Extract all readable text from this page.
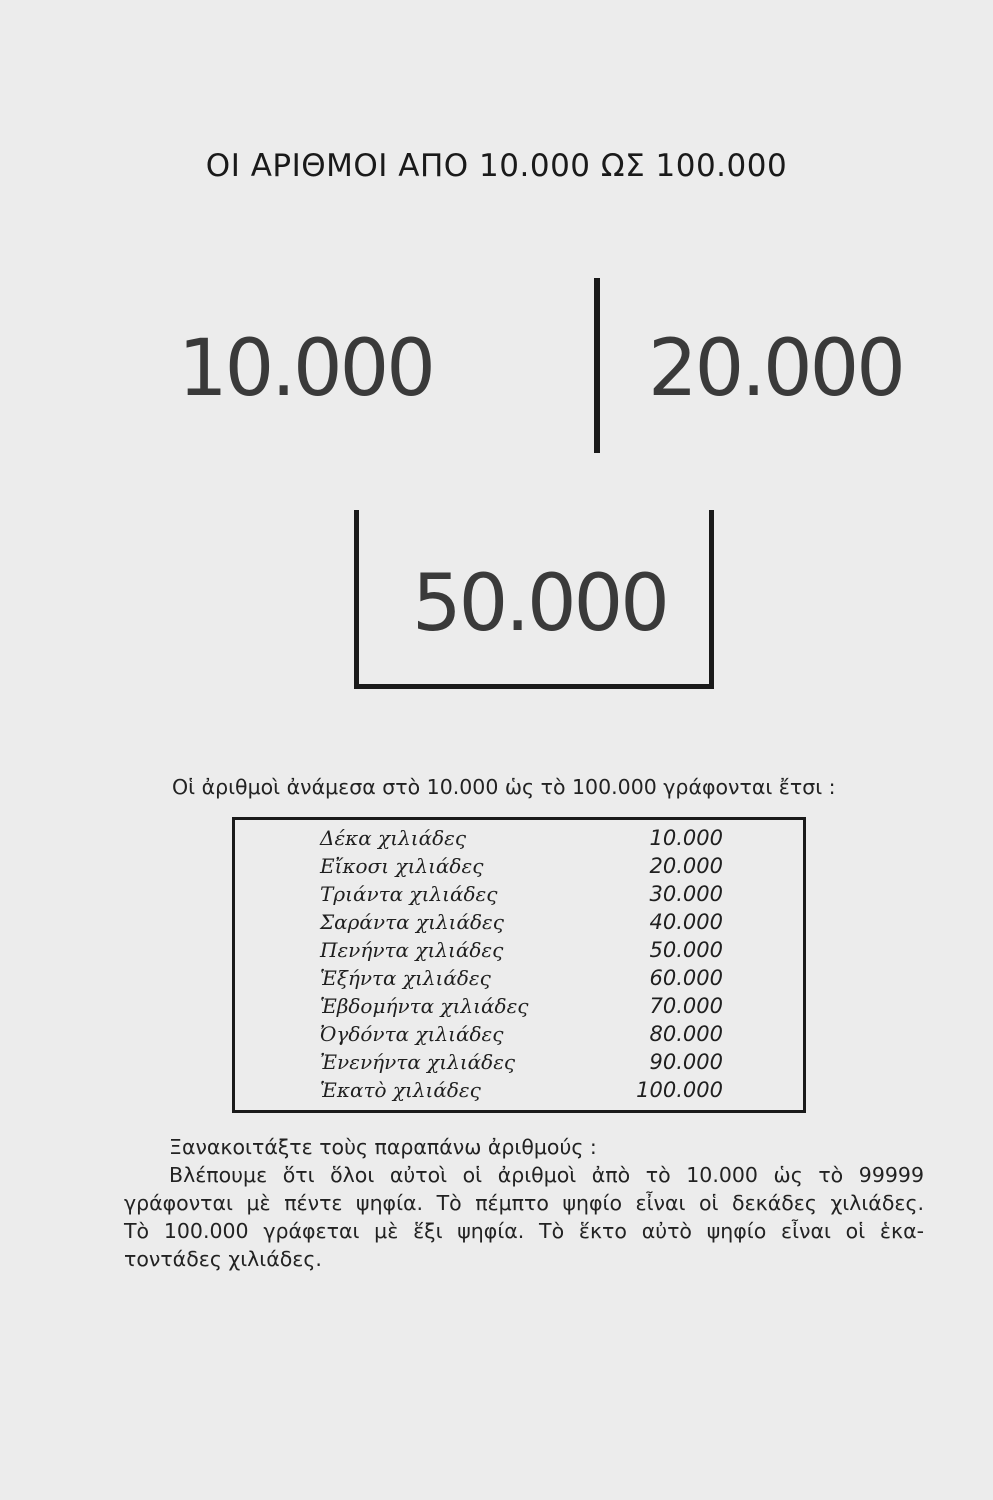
ΟΙ ΑΡΙΘΜΟΙ ΑΠΟ 10.000 ΩΣ 100.000
10.000	20.000
50.000
Οἱ ἀριθμοὶ ἀνάμεσα στὸ 10.000 ὡς τὸ 100.000 γράφονται ἔτσι :
Δέκα χιλιάδες	10.000
Εἴκοσι χιλιάδες	20.000
Τριάντα χιλιάδες	30.000
Σαράντα χιλιάδες	40.000
Πενήντα χιλιάδες	50.000
Ἑξήντα χιλιάδες	60.000
Ἑβδομήντα χιλιάδες	70.000
Ὀγδόντα χιλιάδες	80.000
Ἐνενήντα χιλιάδες	90.000
Ἑκατὸ χιλιάδες	100.000

Ξανακοιτάξτε τοὺς παραπάνω ἀριθμούς :

Βλέπουμε ὅτι ὅλοι αὐτοὶ οἱ ἀριθμοὶ ἀπὸ τὸ 10.000 ὡς τὸ 99999

γράφονται μὲ πέντε ψηφία. Τὸ πέμπτο ψηφίο εἶναι οἱ δεκάδες χιλιάδες.

Τὸ 100.000 γράφεται μὲ ἕξι ψηφία. Τὸ ἕκτο αὐτὸ ψηφίο εἶναι οἱ ἑκα-

τοντάδες χιλιάδες.
